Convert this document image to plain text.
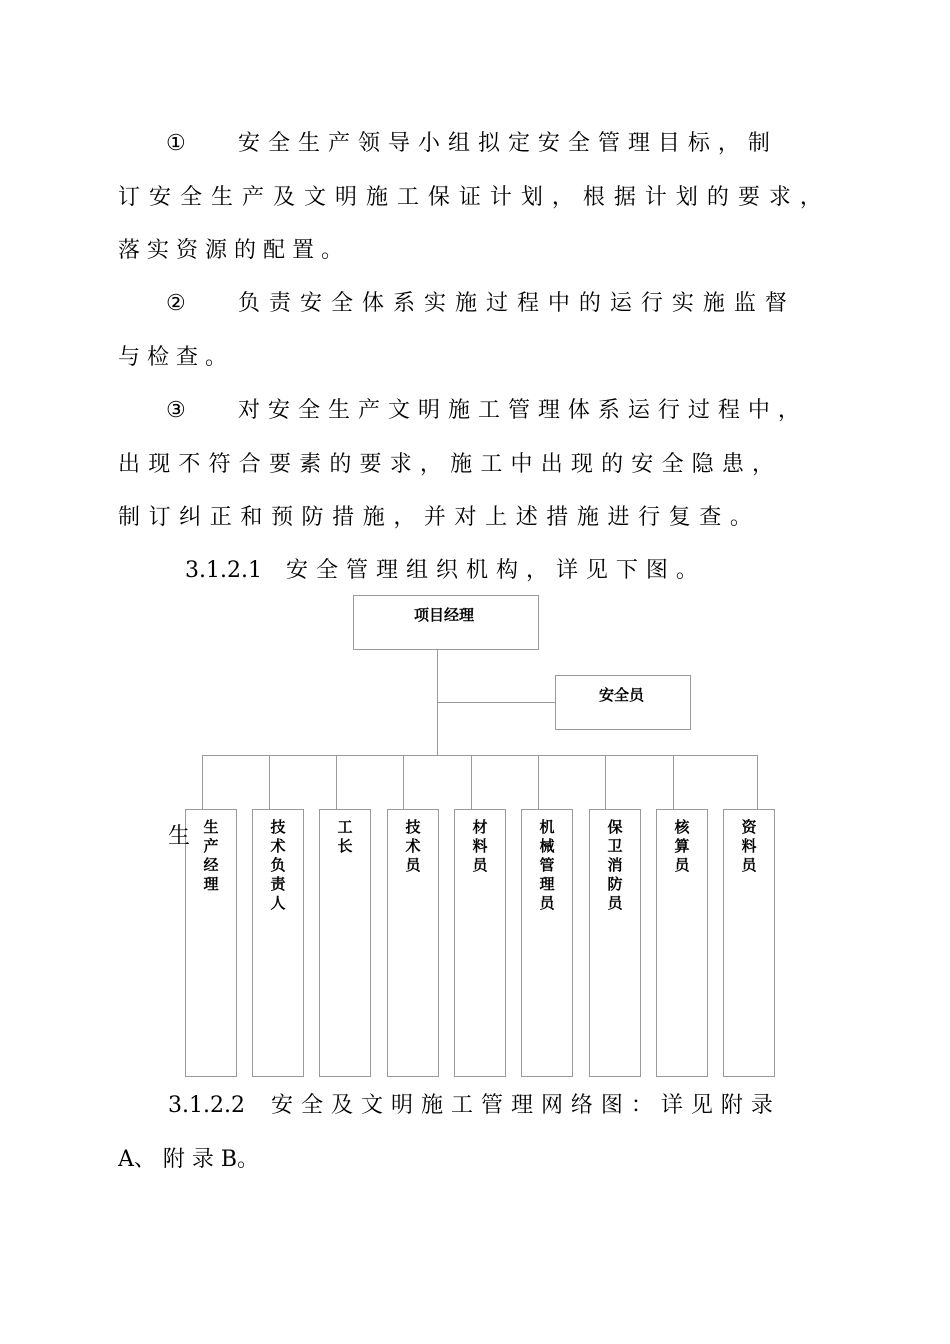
① 安 全 生 产 领 导 小 组 拟 定 安 全 管 理 目 标 ， 制
订 安 全 生 产 及 文 明 施 工 保 证 计 划 ， 根 据 计 划 的 要 求 ，
落 实 资 源 的 配 置 。
② 负 责 安 全 体 系 实 施 过 程 中 的 运 行 实 施 监 督
与 检 查 。
③ 对 安 全 生 产 文 明 施 工 管 理 体 系 运 行 过 程 中 ，
出 现 不 符 合 要 素 的 要 求 ， 施 工 中 出 现 的 安 全 隐 患 ，
制 订 纠 正 和 预 防 措 施 ， 并 对 上 述 措 施 进 行 复 查 。
3.1.2.1 安 全 管 理 组 织 机 构 ， 详 见 下 图 。
项目经理
安全员
生
产
经
理
技
术
负
责
人
工
长
技
术
员
材
料
员
机
械
管
理
员
保
卫
消
防
员
核
算
员
资
料
员
生
3.1.2.2 安 全 及 文 明 施 工 管 理 网 络 图 ： 详 见 附 录
A、 附 录 B。
